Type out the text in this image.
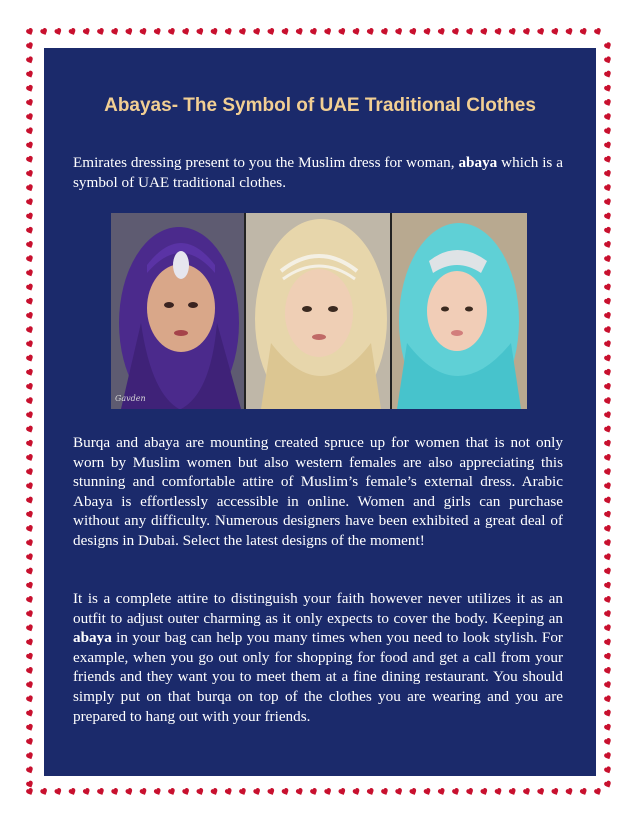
Abayas- The Symbol of UAE Traditional Clothes

Emirates dressing present to you the Muslim dress for woman, abaya which is a symbol of UAE traditional clothes.

Gavden

Burqa and abaya are mounting created spruce up for women that is not only worn by Muslim women but also western females are also appreciating this stunning and comfortable attire of Muslim’s female’s external dress. Arabic Abaya is effortlessly accessible in online. Women and girls can purchase without any difficulty. Numerous designers have been exhibited a great deal of designs in Dubai. Select the latest designs of the moment!

It is a complete attire to distinguish your faith however never utilizes it as an outfit to adjust outer charming as it only expects to cover the body. Keeping an abaya in your bag can help you many times when you need to look stylish. For example, when you go out only for shopping for food and get a call from your friends and they want you to meet them at a fine dining restaurant. You should simply put on that burqa on top of the clothes you are wearing and you are prepared to hang out with your friends.
